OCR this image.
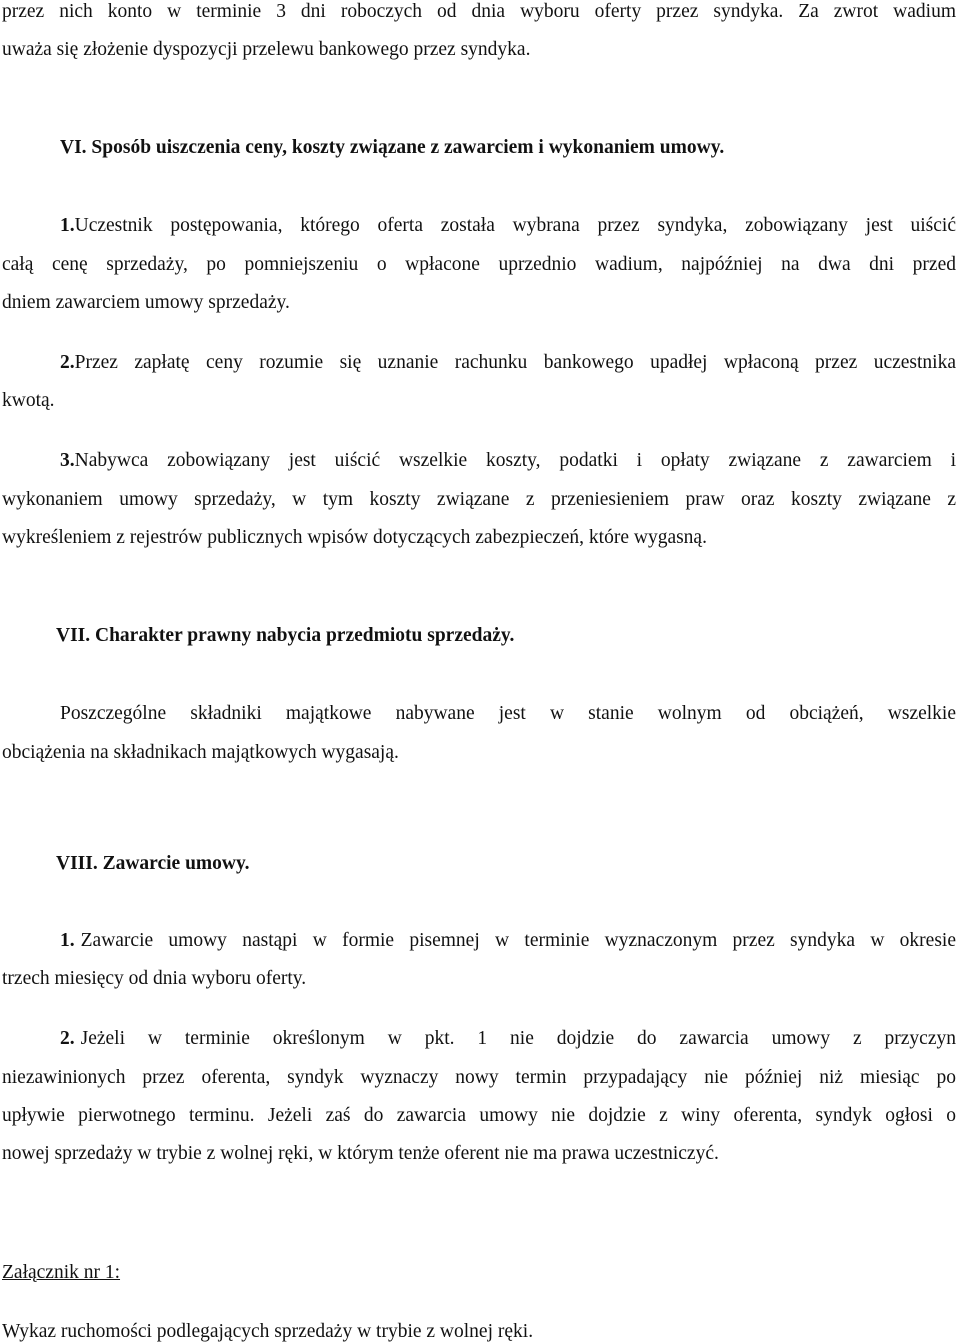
przez nich konto w terminie 3 dni roboczych od dnia wyboru oferty przez syndyka. Za zwrot wadium

uważa się złożenie dyspozycji przelewu bankowego przez syndyka.

VI. Sposób uiszczenia ceny, koszty związane z zawarciem i wykonaniem umowy.

1.Uczestnik postępowania, którego oferta została wybrana przez syndyka, zobowiązany jest uiścić

całą cenę sprzedaży, po pomniejszeniu o wpłacone uprzednio wadium, najpóźniej na dwa dni przed

dniem zawarciem umowy sprzedaży.

2.Przez zapłatę ceny rozumie się uznanie rachunku bankowego upadłej wpłaconą przez uczestnika

kwotą.

3.Nabywca zobowiązany jest uiścić wszelkie koszty, podatki i opłaty związane z zawarciem i

wykonaniem umowy sprzedaży, w tym koszty związane z przeniesieniem praw oraz koszty związane z

wykreśleniem z rejestrów publicznych wpisów dotyczących zabezpieczeń, które wygasną.

VII. Charakter prawny nabycia przedmiotu sprzedaży.

Poszczególne składniki majątkowe nabywane jest w stanie wolnym od obciążeń, wszelkie

obciążenia na składnikach majątkowych wygasają.

VIII. Zawarcie umowy.

1. Zawarcie umowy nastąpi w formie pisemnej w terminie wyznaczonym przez syndyka w okresie

trzech miesięcy od dnia wyboru oferty.

2. Jeżeli w terminie określonym w pkt. 1 nie dojdzie do zawarcia umowy z przyczyn

niezawinionych przez oferenta, syndyk wyznaczy nowy termin przypadający nie później niż miesiąc po

upływie pierwotnego terminu. Jeżeli zaś do zawarcia umowy nie dojdzie z winy oferenta, syndyk ogłosi o

nowej sprzedaży w trybie z wolnej ręki, w którym tenże oferent nie ma prawa uczestniczyć.

Załącznik nr 1:

Wykaz ruchomości podlegających sprzedaży w trybie z wolnej ręki.
